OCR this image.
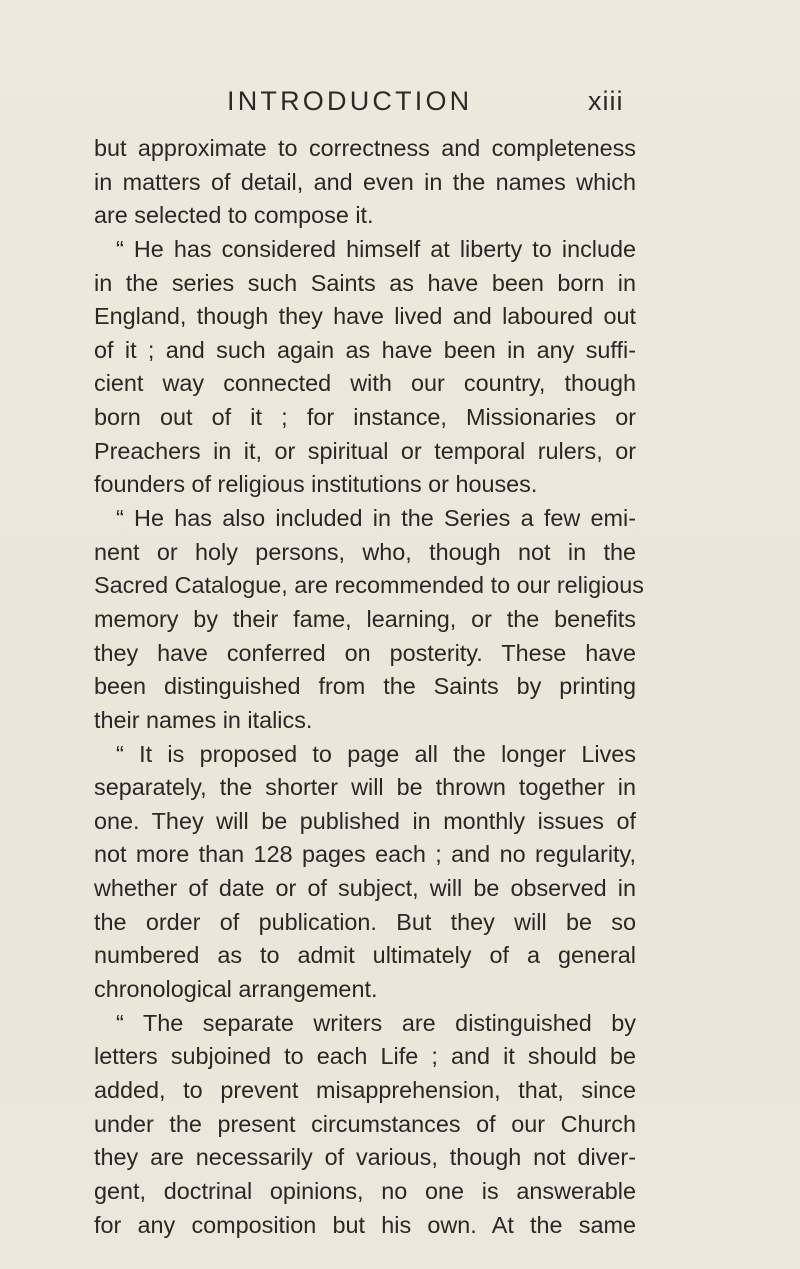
INTRODUCTION	xiii
but approximate to correctness and completeness
in matters of detail, and even in the names which
are selected to compose it.
“ He has considered himself at liberty to include
in the series such Saints as have been born in
England, though they have lived and laboured out
of it ; and such again as have been in any suffi-
cient way connected with our country, though
born out of it ; for instance, Missionaries or
Preachers in it, or spiritual or temporal rulers, or
founders of religious institutions or houses.
“ He has also included in the Series a few emi-
nent or holy persons, who, though not in the
Sacred Catalogue, are recommended to our religious
memory by their fame, learning, or the benefits
they have conferred on posterity. These have
been distinguished from the Saints by printing
their names in italics.
“ It is proposed to page all the longer Lives
separately, the shorter will be thrown together in
one. They will be published in monthly issues of
not more than 128 pages each ; and no regularity,
whether of date or of subject, will be observed in
the order of publication. But they will be so
numbered as to admit ultimately of a general
chronological arrangement.
“ The separate writers are distinguished by
letters subjoined to each Life ; and it should be
added, to prevent misapprehension, that, since
under the present circumstances of our Church
they are necessarily of various, though not diver-
gent, doctrinal opinions, no one is answerable
for any composition but his own. At the same
